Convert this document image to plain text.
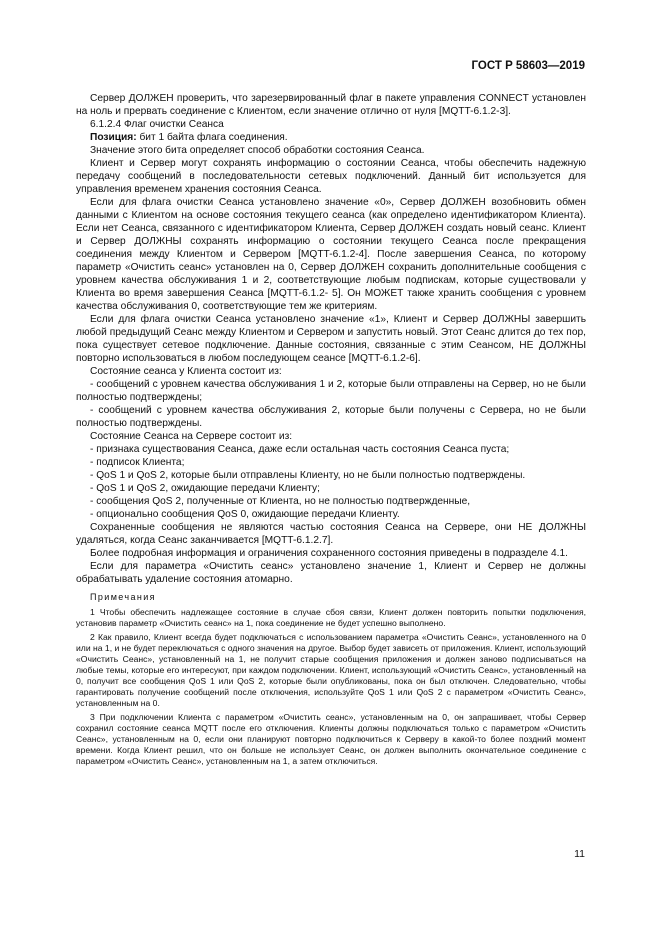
ГОСТ Р 58603—2019

Сервер ДОЛЖЕН проверить, что зарезервированный флаг в пакете управления CONNECT установлен на ноль и прервать соединение с Клиентом, если значение отлично от нуля [MQTT-6.1.2-3].

6.1.2.4 Флаг очистки Сеанса

Позиция: бит 1 байта флага соединения.

Значение этого бита определяет способ обработки состояния Сеанса.

Клиент и Сервер могут сохранять информацию о состоянии Сеанса, чтобы обеспечить надежную передачу сообщений в последовательности сетевых подключений. Данный бит используется для управления временем хранения состояния Сеанса.

Если для флага очистки Сеанса установлено значение «0», Сервер ДОЛЖЕН возобновить обмен данными с Клиентом на основе состояния текущего сеанса (как определено идентификатором Клиента). Если нет Сеанса, связанного с идентификатором Клиента, Сервер ДОЛЖЕН создать новый сеанс. Клиент и Сервер ДОЛЖНЫ сохранять информацию о состоянии текущего Сеанса после прекращения соединения между Клиентом и Сервером [MQTT-6.1.2-4]. После завершения Сеанса, по которому параметр «Очистить сеанс» установлен на 0, Сервер ДОЛЖЕН сохранить дополнительные сообщения с уровнем качества обслуживания 1 и 2, соответствующие любым подпискам, которые существовали у Клиента во время завершения Сеанса [MQTT-6.1.2- 5]. Он МОЖЕТ также хранить сообщения с уровнем качества обслуживания 0, соответствующие тем же критериям.

Если для флага очистки Сеанса установлено значение «1», Клиент и Сервер ДОЛЖНЫ завершить любой предыдущий Сеанс между Клиентом и Сервером и запустить новый. Этот Сеанс длится до тех пор, пока существует сетевое подключение. Данные состояния, связанные с этим Сеансом, НЕ ДОЛЖНЫ повторно использоваться в любом последующем сеансе [MQTT-6.1.2-6].

Состояние сеанса у Клиента состоит из:

- сообщений с уровнем качества обслуживания 1 и 2, которые были отправлены на Сервер, но не были полностью подтверждены;

- сообщений с уровнем качества обслуживания 2, которые были получены с Сервера, но не были полностью подтверждены.

Состояние Сеанса на Сервере состоит из:

- признака существования Сеанса, даже если остальная часть состояния Сеанса пуста;

- подписок Клиента;

- QoS 1 и QoS 2, которые были отправлены Клиенту, но не были полностью подтверждены.

- QoS 1 и QoS 2, ожидающие передачи Клиенту;

- сообщения QoS 2, полученные от Клиента, но не полностью подтвержденные,

- опционально сообщения QoS 0, ожидающие передачи Клиенту.

Сохраненные сообщения не являются частью состояния Сеанса на Сервере, они НЕ ДОЛЖНЫ удаляться, когда Сеанс заканчивается [MQTT-6.1.2.7].

Более подробная информация и ограничения сохраненного состояния приведены в подразделе 4.1.

Если для параметра «Очистить сеанс» установлено значение 1, Клиент и Сервер не должны обрабатывать удаление состояния атомарно.

Примечания

1 Чтобы обеспечить надлежащее состояние в случае сбоя связи, Клиент должен повторить попытки подключения, установив параметр «Очистить сеанс» на 1, пока соединение не будет успешно выполнено.

2 Как правило, Клиент всегда будет подключаться с использованием параметра «Очистить Сеанс», установленного на 0 или на 1, и не будет переключаться с одного значения на другое. Выбор будет зависеть от приложения. Клиент, использующий «Очистить Сеанс», установленный на 1, не получит старые сообщения приложения и должен заново подписываться на любые темы, которые его интересуют, при каждом подключении. Клиент, использующий «Очистить Сеанс», установленный на 0, получит все сообщения QoS 1 или QoS 2, которые были опубликованы, пока он был отключен. Следовательно, чтобы гарантировать получение сообщений после отключения, используйте QoS 1 или QoS 2 с параметром «Очистить Сеанс», установленным на 0.

3 При подключении Клиента с параметром «Очистить сеанс», установленным на 0, он запрашивает, чтобы Сервер сохранил состояние сеанса MQTT после его отключения. Клиенты должны подключаться только с параметром «Очистить Сеанс», установленным на 0, если они планируют повторно подключиться к Серверу в какой-то более поздний момент времени. Когда Клиент решил, что он больше не использует Сеанс, он должен выполнить окончательное соединение с параметром «Очистить Сеанс», установленным на 1, а затем отключиться.

11
